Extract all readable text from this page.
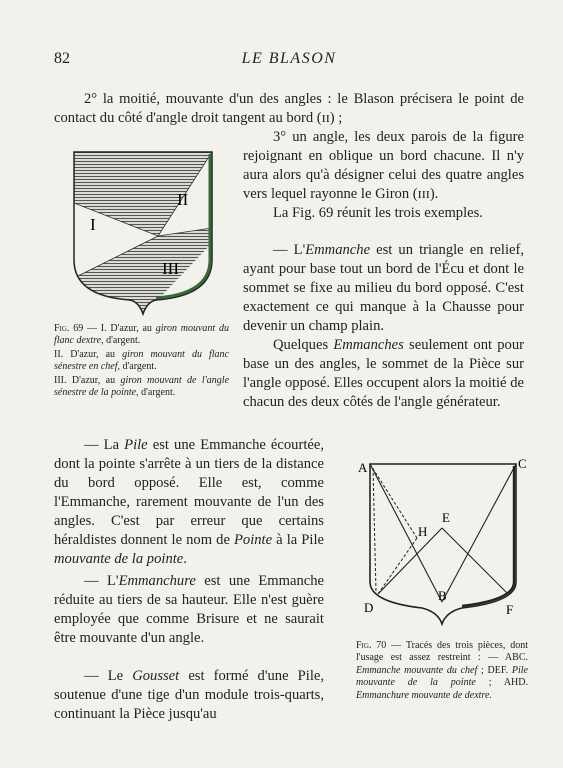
82	LE BLASON

2° la moitié, mouvante d'un des angles : le Blason précisera le point de contact du côté d'angle droit tangent au bord (ɪɪ) ;

3° un angle, les deux parois de la figure rejoignant en oblique un bord chacune. Il n'y aura alors qu'à désigner celui des quatre angles vers lequel rayonne le Giron (ɪɪɪ).

La Fig. 69 réunit les trois exemples.

— L'Emmanche est un triangle en relief, ayant pour base tout un bord de l'Écu et dont le sommet se fixe au milieu du bord opposé. C'est exactement ce qui manque à la Chausse pour devenir un champ plain.

Quelques Emmanches seulement ont pour base un des angles, le sommet de la Pièce sur l'angle opposé. Elles occupent alors la moitié de chacun des deux côtés de l'angle générateur.

I
II
III

Fig. 69 — I. D'azur, au giron mouvant du flanc dextre, d'argent.

II. D'azur, au giron mouvant du flanc sénestre en chef, d'argent.

III. D'azur, au giron mouvant de l'angle sénestre de la pointe, d'argent.

— La Pile est une Emmanche écourtée, dont la pointe s'arrête à un tiers de la distance du bord opposé. Elle est, comme l'Emmanche, rarement mouvante de l'un des angles. C'est par erreur que certains héraldistes donnent le nom de Pointe à la Pile mouvante de la pointe.

— L'Emmanchure est une Emmanche réduite au tiers de sa hauteur. Elle n'est guère employée que comme Brisure et ne saurait être mouvante d'un angle.

— Le Gousset est formé d'une Pile, soutenue d'une tige d'un module trois-quarts, continuant la Pièce jusqu'au

A	C
H
E
B
D	F

Fig. 70 — Tracés des trois pièces, dont l'usage est assez restreint : — ABC. Emmanche mouvante du chef ; DEF. Pile mouvante de la pointe ; AHD. Emmanchure mouvante de dextre.
